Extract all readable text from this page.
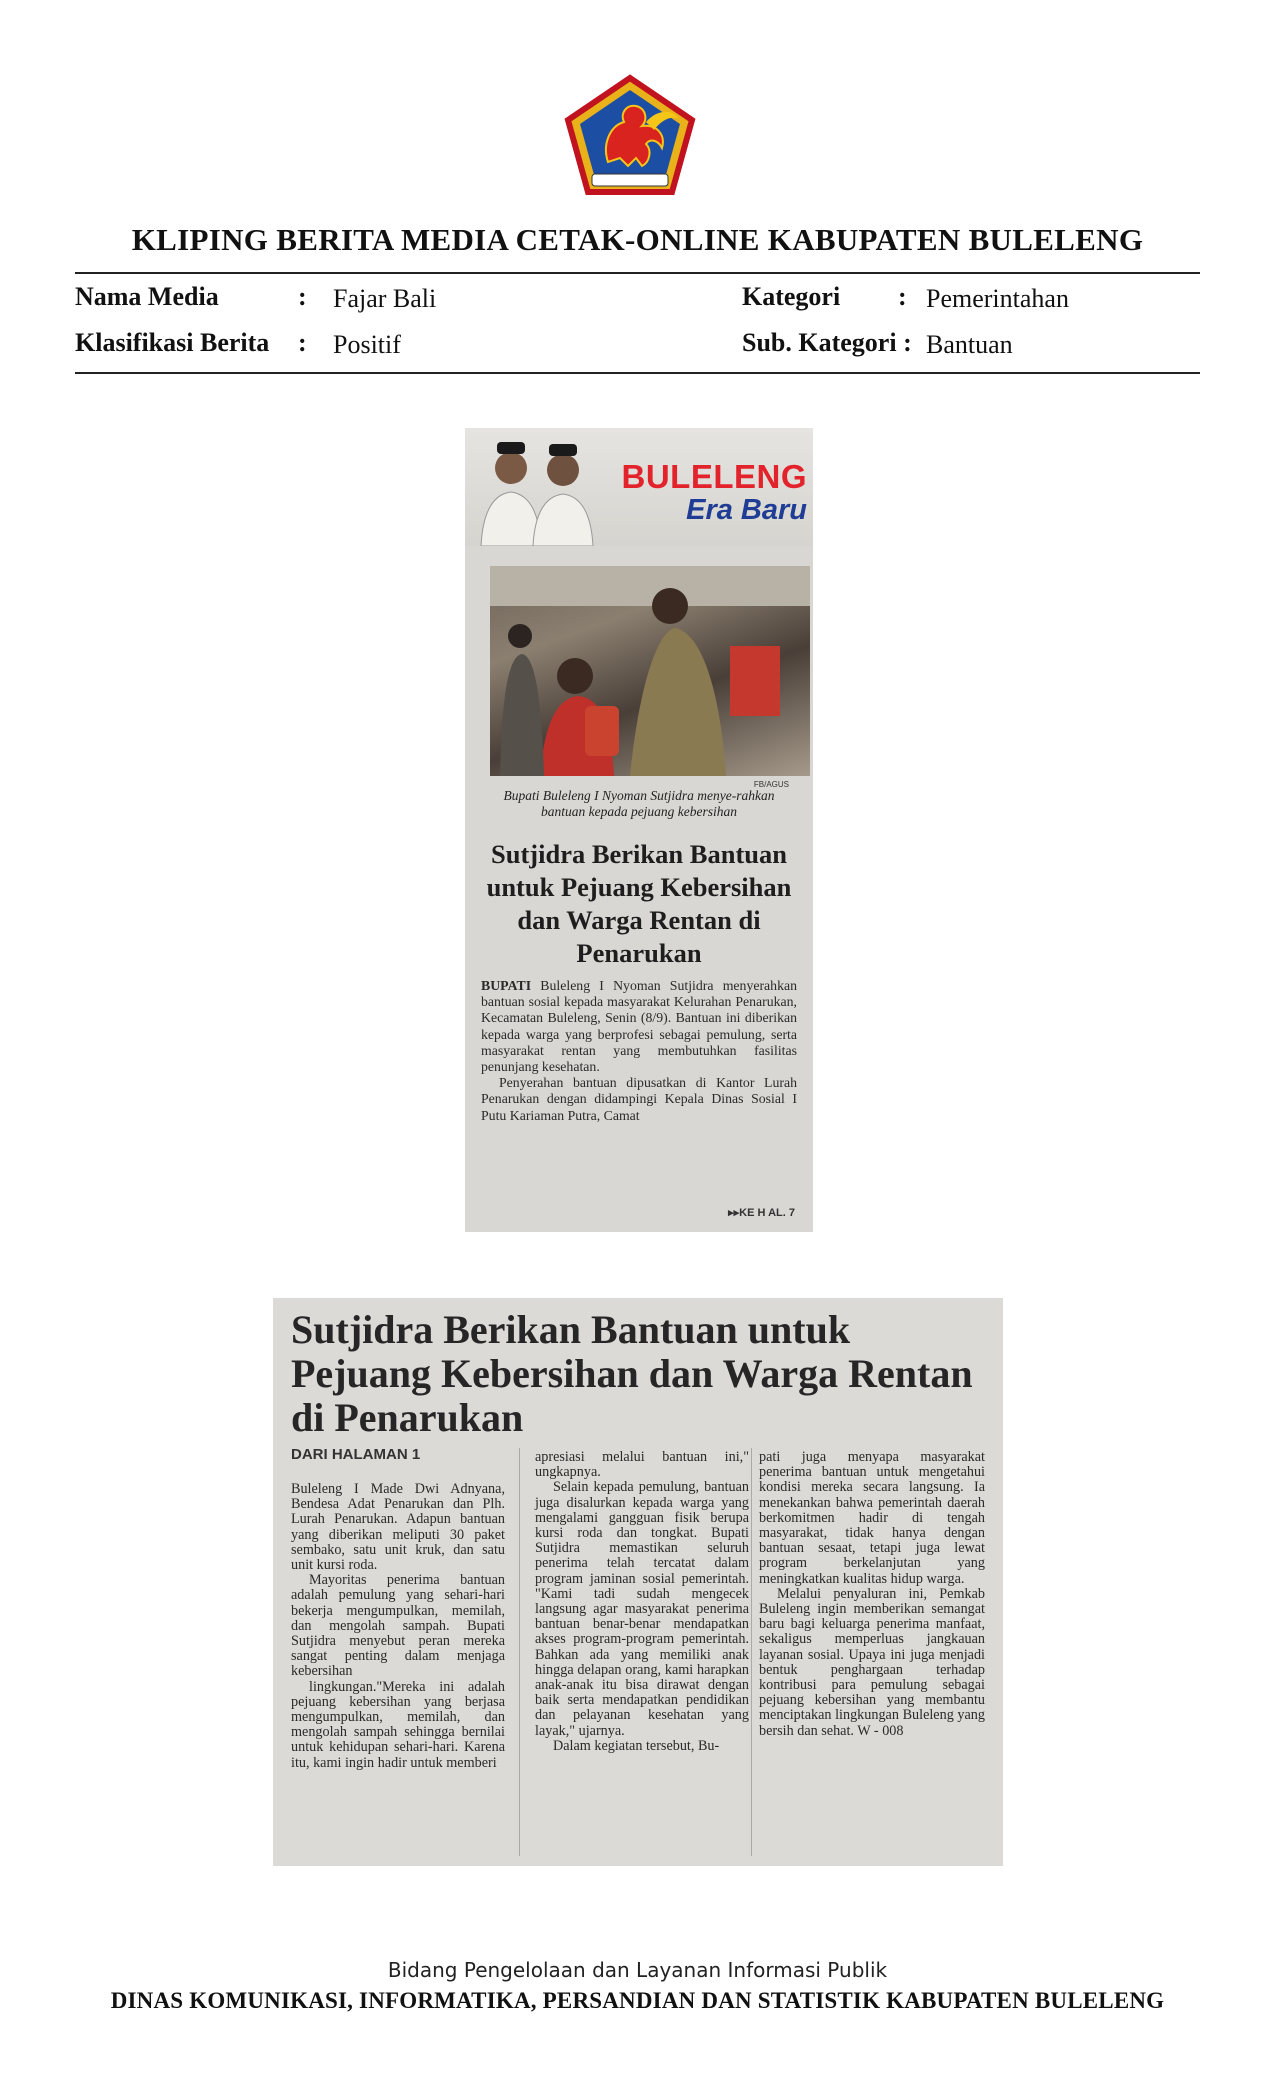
KLIPING BERITA MEDIA CETAK-ONLINE KABUPATEN BULELENG
Nama Media	: Fajar Bali
Klasifikasi Berita : Positif
Kategori : Pemerintahan
Sub. Kategori : Bantuan
BULELENG
Era Baru
FB/AGUS
Bupati Buleleng I Nyoman Sutjidra menye-rahkan bantuan kepada pejuang kebersihan
Sutjidra Berikan Bantuan untuk Pejuang Kebersihan dan Warga Rentan di Penarukan

BUPATI Buleleng I Nyoman Sutjidra menyerahkan bantuan sosial kepada masyarakat Kelurahan Penarukan, Kecamatan Buleleng, Senin (8/9). Bantuan ini diberikan kepada warga yang berprofesi sebagai pemulung, serta masyarakat rentan yang membutuhkan fasilitas penunjang kesehatan.

Penyerahan bantuan dipusatkan di Kantor Lurah Penarukan dengan didampingi Kepala Dinas Sosial I Putu Kariaman Putra, Camat

▸▸KE H AL. 7
Sutjidra Berikan Bantuan untuk Pejuang Kebersihan dan Warga Rentan di Penarukan
DARI HALAMAN 1

Buleleng I Made Dwi Adnyana, Bendesa Adat Penarukan dan Plh. Lurah Penarukan. Adapun bantuan yang diberikan meliputi 30 paket sembako, satu unit kruk, dan satu unit kursi roda.

Mayoritas penerima bantuan adalah pemulung yang sehari-hari bekerja mengumpulkan, memilah, dan mengolah sampah. Bupati Sutjidra menyebut peran mereka sangat penting dalam menjaga kebersihan

lingkungan."Mereka ini adalah pejuang kebersihan yang berjasa mengumpulkan, memilah, dan mengolah sampah sehingga bernilai untuk kehidupan sehari-hari. Karena itu, kami ingin hadir untuk memberi

apresiasi melalui bantuan ini," ungkapnya.

Selain kepada pemulung, bantuan juga disalurkan kepada warga yang mengalami gangguan fisik berupa kursi roda dan tongkat. Bupati Sutjidra memastikan seluruh penerima telah tercatat dalam program jaminan sosial pemerintah. "Kami tadi sudah mengecek langsung agar masyarakat penerima bantuan benar-benar mendapatkan akses program-program pemerintah. Bahkan ada yang memiliki anak hingga delapan orang, kami harapkan anak-anak itu bisa dirawat dengan baik serta mendapatkan pendidikan dan pelayanan kesehatan yang layak," ujarnya.

Dalam kegiatan tersebut, Bu-

pati juga menyapa masyarakat penerima bantuan untuk mengetahui kondisi mereka secara langsung. Ia menekankan bahwa pemerintah daerah berkomitmen hadir di tengah masyarakat, tidak hanya dengan bantuan sesaat, tetapi juga lewat program berkelanjutan yang meningkatkan kualitas hidup warga.

Melalui penyaluran ini, Pemkab Buleleng ingin memberikan semangat baru bagi keluarga penerima manfaat, sekaligus memperluas jangkauan layanan sosial. Upaya ini juga menjadi bentuk penghargaan terhadap kontribusi para pemulung sebagai pejuang kebersihan yang membantu menciptakan lingkungan Buleleng yang bersih dan sehat. W - 008

Bidang Pengelolaan dan Layanan Informasi Publik
DINAS KOMUNIKASI, INFORMATIKA, PERSANDIAN DAN STATISTIK KABUPATEN BULELENG
